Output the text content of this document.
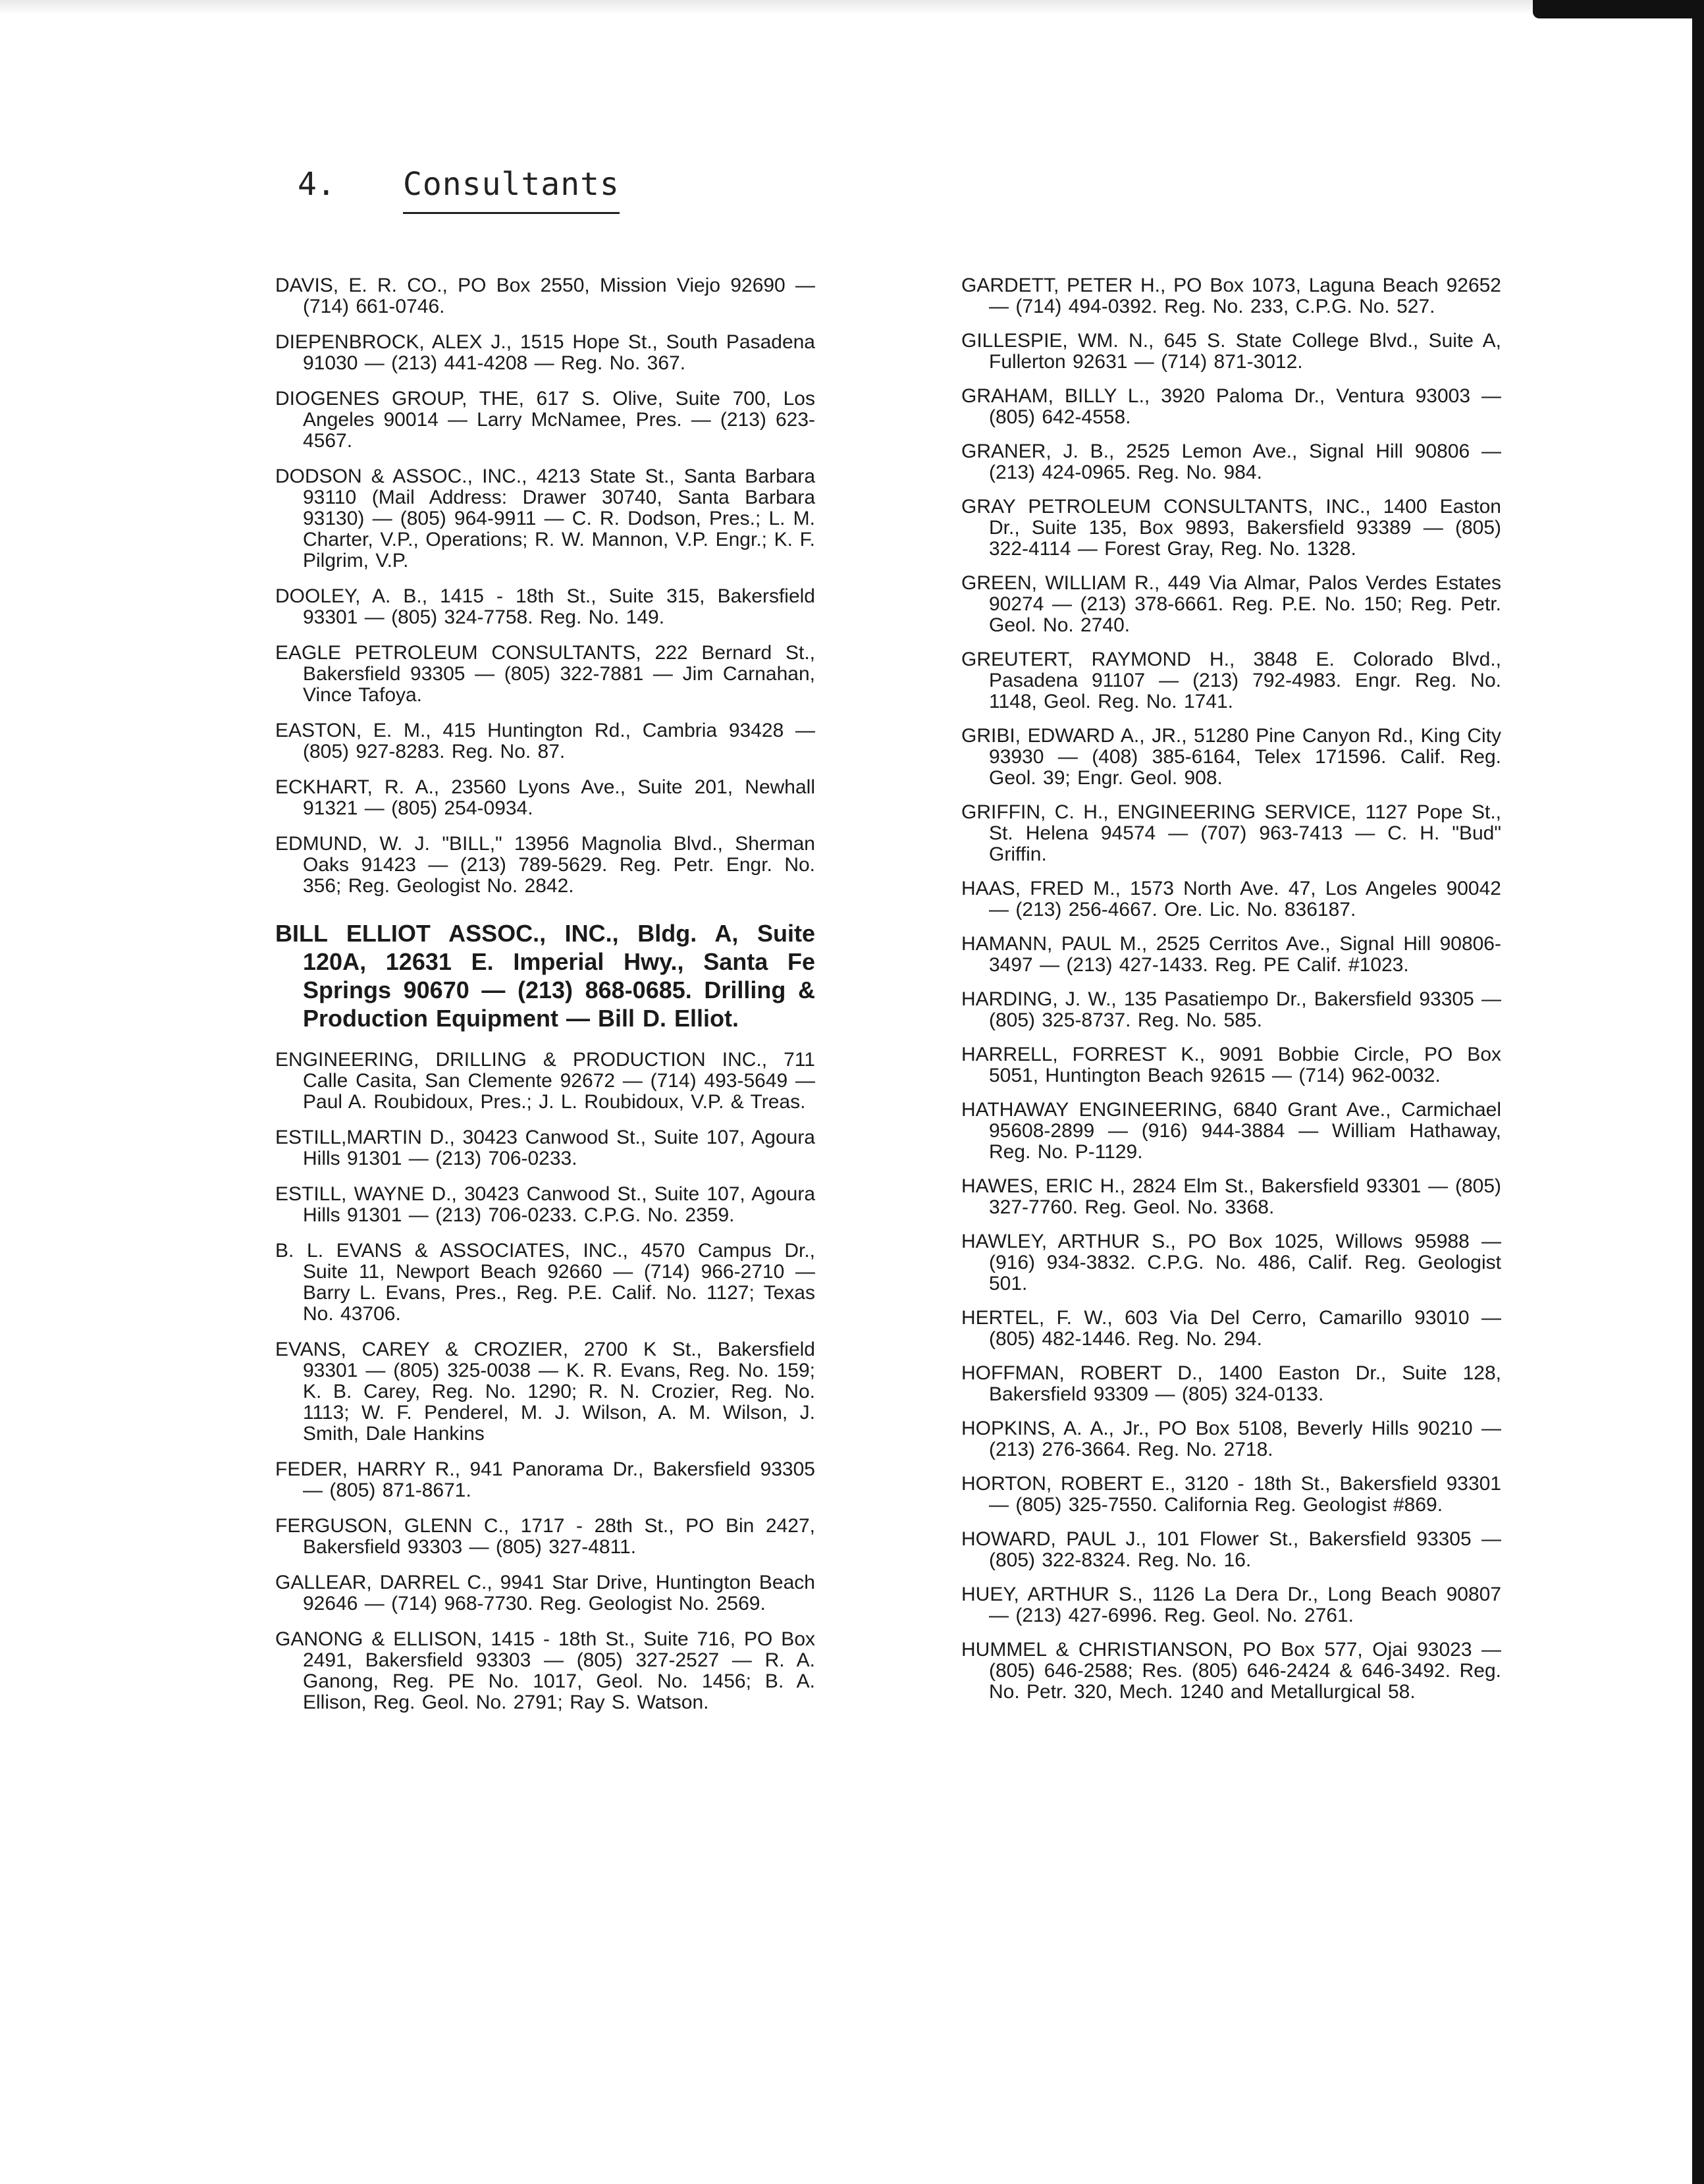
4. Consultants

DAVIS, E. R. CO., PO Box 2550, Mission Viejo 92690 — (714) 661-0746.

DIEPENBROCK, ALEX J., 1515 Hope St., South Pasadena 91030 — (213) 441-4208 — Reg. No. 367.

DIOGENES GROUP, THE, 617 S. Olive, Suite 700, Los Angeles 90014 — Larry McNamee, Pres. — (213) 623-4567.

DODSON & ASSOC., INC., 4213 State St., Santa Barbara 93110 (Mail Address: Drawer 30740, Santa Barbara 93130) — (805) 964-9911 — C. R. Dodson, Pres.; L. M. Charter, V.P., Operations; R. W. Mannon, V.P. Engr.; K. F. Pilgrim, V.P.

DOOLEY, A. B., 1415 - 18th St., Suite 315, Bakersfield 93301 — (805) 324-7758. Reg. No. 149.

EAGLE PETROLEUM CONSULTANTS, 222 Bernard St., Bakersfield 93305 — (805) 322-7881 — Jim Carnahan, Vince Tafoya.

EASTON, E. M., 415 Huntington Rd., Cambria 93428 — (805) 927-8283. Reg. No. 87.

ECKHART, R. A., 23560 Lyons Ave., Suite 201, Newhall 91321 — (805) 254-0934.

EDMUND, W. J. "BILL," 13956 Magnolia Blvd., Sherman Oaks 91423 — (213) 789-5629. Reg. Petr. Engr. No. 356; Reg. Geologist No. 2842.

BILL ELLIOT ASSOC., INC., Bldg. A, Suite 120A, 12631 E. Imperial Hwy., Santa Fe Springs 90670 — (213) 868-0685. Drilling & Production Equipment — Bill D. Elliot.

ENGINEERING, DRILLING & PRODUCTION INC., 711 Calle Casita, San Clemente 92672 — (714) 493-5649 — Paul A. Roubidoux, Pres.; J. L. Roubidoux, V.P. & Treas.

ESTILL,MARTIN D., 30423 Canwood St., Suite 107, Agoura Hills 91301 — (213) 706-0233.

ESTILL, WAYNE D., 30423 Canwood St., Suite 107, Agoura Hills 91301 — (213) 706-0233. C.P.G. No. 2359.

B. L. EVANS & ASSOCIATES, INC., 4570 Campus Dr., Suite 11, Newport Beach 92660 — (714) 966-2710 — Barry L. Evans, Pres., Reg. P.E. Calif. No. 1127; Texas No. 43706.

EVANS, CAREY & CROZIER, 2700 K St., Bakersfield 93301 — (805) 325-0038 — K. R. Evans, Reg. No. 159; K. B. Carey, Reg. No. 1290; R. N. Crozier, Reg. No. 1113; W. F. Penderel, M. J. Wilson, A. M. Wilson, J. Smith, Dale Hankins

FEDER, HARRY R., 941 Panorama Dr., Bakersfield 93305 — (805) 871-8671.

FERGUSON, GLENN C., 1717 - 28th St., PO Bin 2427, Bakersfield 93303 — (805) 327-4811.

GALLEAR, DARREL C., 9941 Star Drive, Huntington Beach 92646 — (714) 968-7730. Reg. Geologist No. 2569.

GANONG & ELLISON, 1415 - 18th St., Suite 716, PO Box 2491, Bakersfield 93303 — (805) 327-2527 — R. A. Ganong, Reg. PE No. 1017, Geol. No. 1456; B. A. Ellison, Reg. Geol. No. 2791; Ray S. Watson.

GARDETT, PETER H., PO Box 1073, Laguna Beach 92652 — (714) 494-0392. Reg. No. 233, C.P.G. No. 527.

GILLESPIE, WM. N., 645 S. State College Blvd., Suite A, Fullerton 92631 — (714) 871-3012.

GRAHAM, BILLY L., 3920 Paloma Dr., Ventura 93003 — (805) 642-4558.

GRANER, J. B., 2525 Lemon Ave., Signal Hill 90806 — (213) 424-0965. Reg. No. 984.

GRAY PETROLEUM CONSULTANTS, INC., 1400 Easton Dr., Suite 135, Box 9893, Bakersfield 93389 — (805) 322-4114 — Forest Gray, Reg. No. 1328.

GREEN, WILLIAM R., 449 Via Almar, Palos Verdes Estates 90274 — (213) 378-6661. Reg. P.E. No. 150; Reg. Petr. Geol. No. 2740.

GREUTERT, RAYMOND H., 3848 E. Colorado Blvd., Pasadena 91107 — (213) 792-4983. Engr. Reg. No. 1148, Geol. Reg. No. 1741.

GRIBI, EDWARD A., JR., 51280 Pine Canyon Rd., King City 93930 — (408) 385-6164, Telex 171596. Calif. Reg. Geol. 39; Engr. Geol. 908.

GRIFFIN, C. H., ENGINEERING SERVICE, 1127 Pope St., St. Helena 94574 — (707) 963-7413 — C. H. "Bud" Griffin.

HAAS, FRED M., 1573 North Ave. 47, Los Angeles 90042 — (213) 256-4667. Ore. Lic. No. 836187.

HAMANN, PAUL M., 2525 Cerritos Ave., Signal Hill 90806-3497 — (213) 427-1433. Reg. PE Calif. #1023.

HARDING, J. W., 135 Pasatiempo Dr., Bakersfield 93305 — (805) 325-8737. Reg. No. 585.

HARRELL, FORREST K., 9091 Bobbie Circle, PO Box 5051, Huntington Beach 92615 — (714) 962-0032.

HATHAWAY ENGINEERING, 6840 Grant Ave., Carmichael 95608-2899 — (916) 944-3884 — William Hathaway, Reg. No. P-1129.

HAWES, ERIC H., 2824 Elm St., Bakersfield 93301 — (805) 327-7760. Reg. Geol. No. 3368.

HAWLEY, ARTHUR S., PO Box 1025, Willows 95988 — (916) 934-3832. C.P.G. No. 486, Calif. Reg. Geologist 501.

HERTEL, F. W., 603 Via Del Cerro, Camarillo 93010 — (805) 482-1446. Reg. No. 294.

HOFFMAN, ROBERT D., 1400 Easton Dr., Suite 128, Bakersfield 93309 — (805) 324-0133.

HOPKINS, A. A., Jr., PO Box 5108, Beverly Hills 90210 — (213) 276-3664. Reg. No. 2718.

HORTON, ROBERT E., 3120 - 18th St., Bakersfield 93301 — (805) 325-7550. California Reg. Geologist #869.

HOWARD, PAUL J., 101 Flower St., Bakersfield 93305 — (805) 322-8324. Reg. No. 16.

HUEY, ARTHUR S., 1126 La Dera Dr., Long Beach 90807 — (213) 427-6996. Reg. Geol. No. 2761.

HUMMEL & CHRISTIANSON, PO Box 577, Ojai 93023 — (805) 646-2588; Res. (805) 646-2424 & 646-3492. Reg. No. Petr. 320, Mech. 1240 and Metallurgical 58.
